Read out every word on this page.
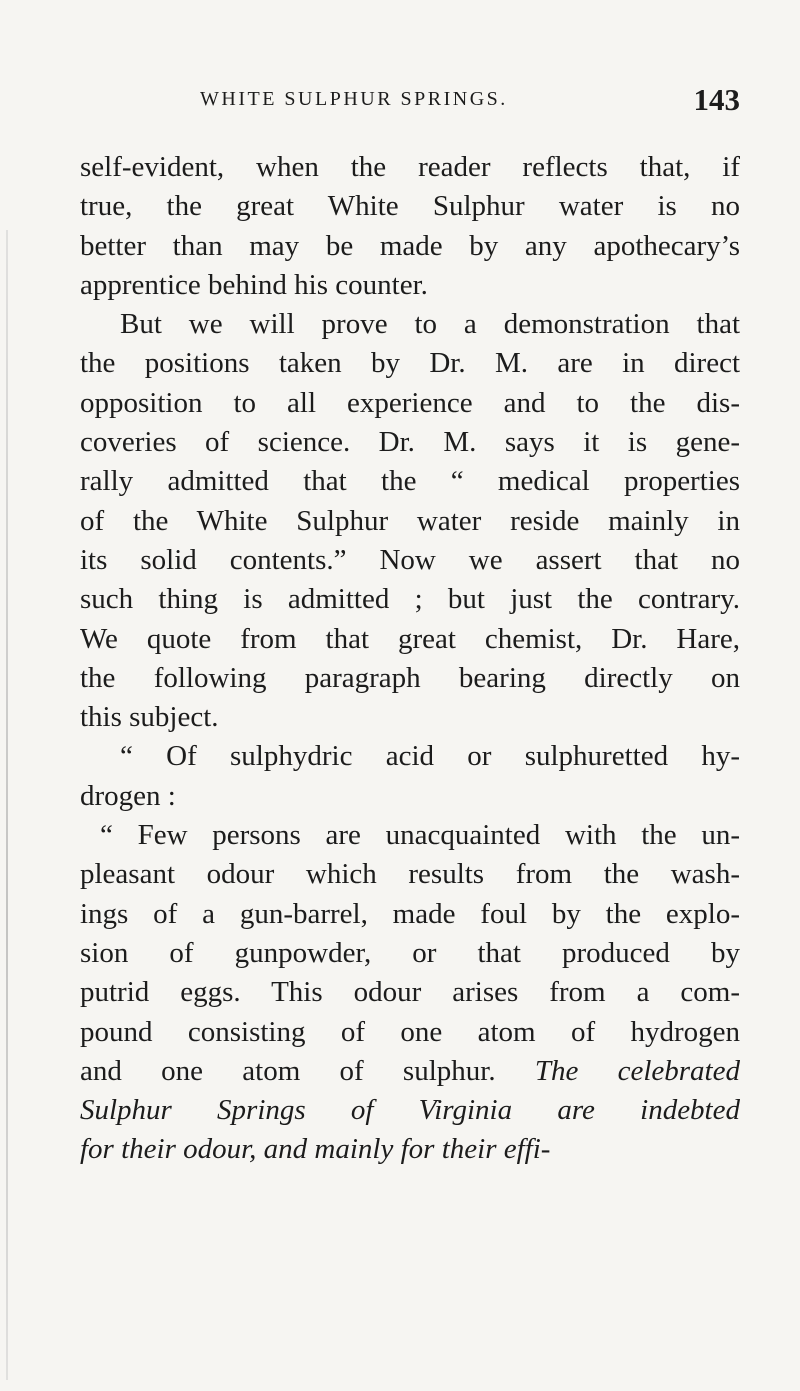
WHITE SULPHUR SPRINGS.	143
self-evident, when the reader reflects that, if
true, the great White Sulphur water is no
better than may be made by any apothecary’s
apprentice behind his counter.
But we will prove to a demonstration that
the positions taken by Dr. M. are in direct
opposition to all experience and to the dis-
coveries of science. Dr. M. says it is gene-
rally admitted that the “ medical properties
of the White Sulphur water reside mainly in
its solid contents.” Now we assert that no
such thing is admitted ; but just the contrary.
We quote from that great chemist, Dr. Hare,
the following paragraph bearing directly on
this subject.
“ Of sulphydric acid or sulphuretted hy-
drogen :
“ Few persons are unacquainted with the un-
pleasant odour which results from the wash-
ings of a gun-barrel, made foul by the explo-
sion of gunpowder, or that produced by
putrid eggs. This odour arises from a com-
pound consisting of one atom of hydrogen
and one atom of sulphur. The celebrated
Sulphur Springs of Virginia are indebted
for their odour, and mainly for their effi-
